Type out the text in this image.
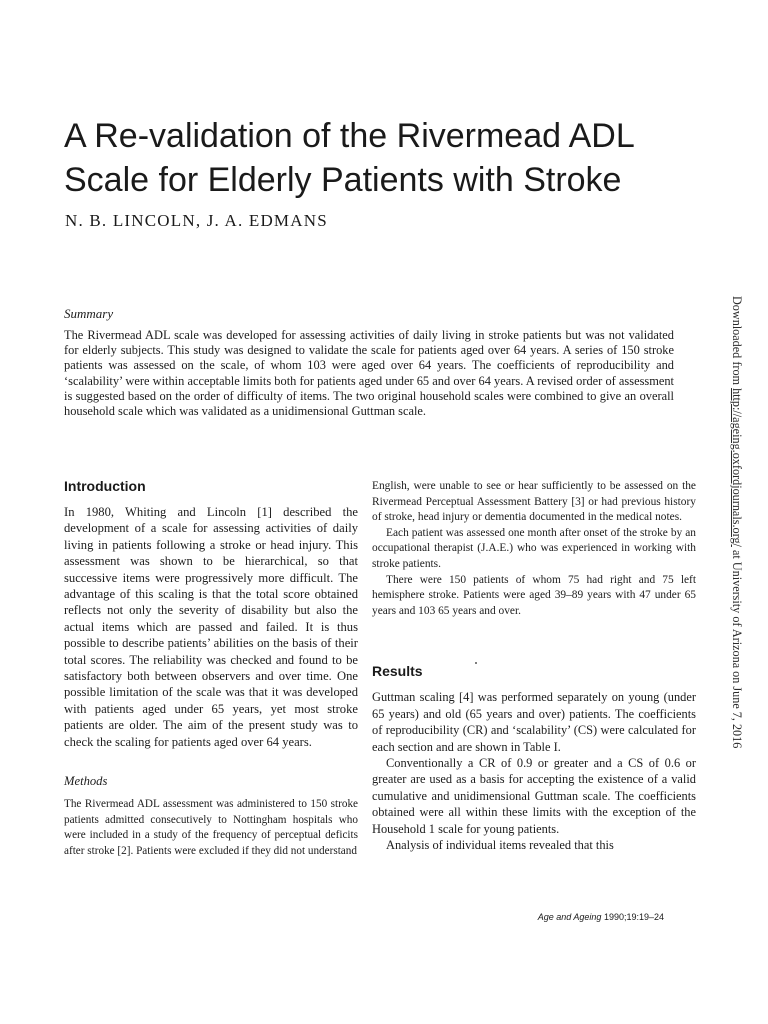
A Re-validation of the Rivermead ADL Scale for Elderly Patients with Stroke

N. B. LINCOLN, J. A. EDMANS

Summary

The Rivermead ADL scale was developed for assessing activities of daily living in stroke patients but was not validated for elderly subjects. This study was designed to validate the scale for patients aged over 64 years. A series of 150 stroke patients was assessed on the scale, of whom 103 were aged over 64 years. The coefficients of reproducibility and ‘scalability’ were within acceptable limits both for patients aged under 65 and over 64 years. A revised order of assessment is suggested based on the order of difficulty of items. The two original household scales were combined to give an overall household scale which was validated as a unidimensional Guttman scale.

Introduction

In 1980, Whiting and Lincoln [1] described the development of a scale for assessing activities of daily living in patients following a stroke or head injury. This assessment was shown to be hierarchical, so that successive items were progressively more difficult. The advantage of this scaling is that the total score obtained reflects not only the severity of disability but also the actual items which are passed and failed. It is thus possible to describe patients’ abilities on the basis of their total scores. The reliability was checked and found to be satisfactory both between observers and over time. One possible limitation of the scale was that it was developed with patients aged under 65 years, yet most stroke patients are older. The aim of the present study was to check the scaling for patients aged over 64 years.

Methods

The Rivermead ADL assessment was administered to 150 stroke patients admitted consecutively to Nottingham hospitals who were included in a study of the frequency of perceptual deficits after stroke [2]. Patients were excluded if they did not understand

English, were unable to see or hear sufficiently to be assessed on the Rivermead Perceptual Assessment Battery [3] or had previous history of stroke, head injury or dementia documented in the medical notes.

Each patient was assessed one month after onset of the stroke by an occupational therapist (J.A.E.) who was experienced in working with stroke patients.

There were 150 patients of whom 75 had right and 75 left hemisphere stroke. Patients were aged 39–89 years with 47 under 65 years and 103 65 years and over.

Results

Guttman scaling [4] was performed separately on young (under 65 years) and old (65 years and over) patients. The coefficients of reproducibility (CR) and ‘scalability’ (CS) were calculated for each section and are shown in Table I.

Conventionally a CR of 0.9 or greater and a CS of 0.6 or greater are used as a basis for accepting the existence of a valid cumulative and unidimensional Guttman scale. The coefficients obtained were all within these limits with the exception of the Household 1 scale for young patients.

Analysis of individual items revealed that this

Age and Ageing 1990;19:19–24

Downloaded from http://ageing.oxfordjournals.org/ at University of Arizona on June 7, 2016
